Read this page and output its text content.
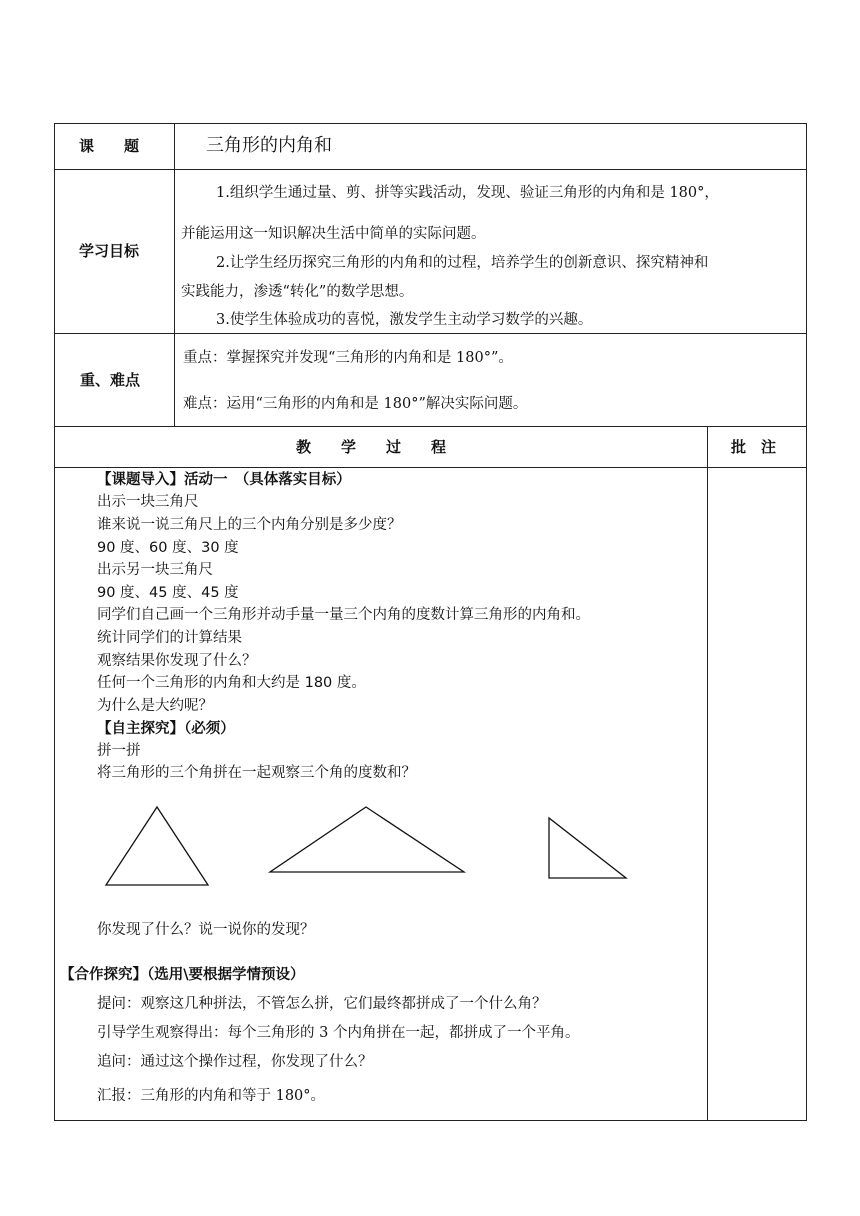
课　　题	三角形的内角和
学习目标
1.组织学生通过量、剪、拼等实践活动，发现、验证三角形的内角和是 180°，
并能运用这一知识解决生活中简单的实际问题。
2.让学生经历探究三角形的内角和的过程，培养学生的创新意识、探究精神和
实践能力，渗透“转化”的数学思想。
3.使学生体验成功的喜悦，激发学生主动学习数学的兴趣。
重、难点
重点：掌握探究并发现“三角形的内角和是 180°”。
难点：运用“三角形的内角和是 180°”解决实际问题。
教　　学　　过　　程	批　注
【课题导入】活动一　（具体落实目标）
出示一块三角尺
谁来说一说三角尺上的三个内角分别是多少度？
90 度、60 度、30 度
出示另一块三角尺
90 度、45 度、45 度
同学们自己画一个三角形并动手量一量三个内角的度数计算三角形的内角和。
统计同学们的计算结果
观察结果你发现了什么？
任何一个三角形的内角和大约是 180 度。
为什么是大约呢？
【自主探究】（必须）
拼一拼
将三角形的三个角拼在一起观察三个角的度数和？
你发现了什么？说一说你的发现？
【合作探究】（选用\要根据学情预设）
提问：观察这几种拼法，不管怎么拼，它们最终都拼成了一个什么角？
引导学生观察得出：每个三角形的 3 个内角拼在一起，都拼成了一个平角。
追问：通过这个操作过程，你发现了什么？
汇报：三角形的内角和等于 180°。
